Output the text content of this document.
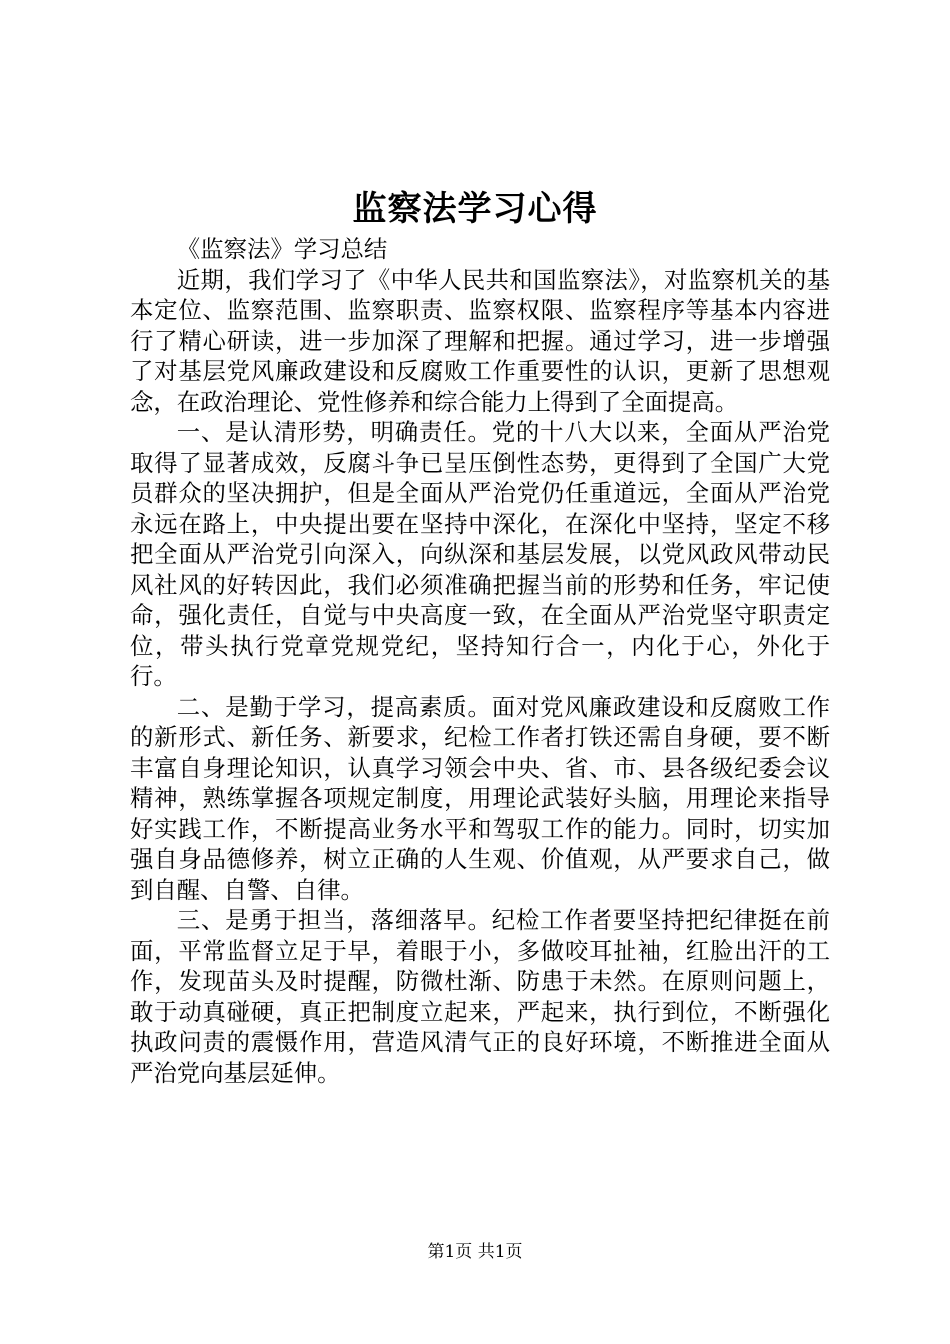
监察法学习心得

《监察法》学习总结

近期，我们学习了《中华人民共和国监察法》，对监察机关的基本定位、监察范围、监察职责、监察权限、监察程序等基本内容进行了精心研读，进一步加深了理解和把握。通过学习，进一步增强了对基层党风廉政建设和反腐败工作重要性的认识，更新了思想观念，在政治理论、党性修养和综合能力上得到了全面提高。

一、是认清形势，明确责任。党的十八大以来，全面从严治党取得了显著成效，反腐斗争已呈压倒性态势，更得到了全国广大党员群众的坚决拥护，但是全面从严治党仍任重道远，全面从严治党永远在路上，中央提出要在坚持中深化，在深化中坚持，坚定不移把全面从严治党引向深入，向纵深和基层发展，以党风政风带动民风社风的好转因此，我们必须准确把握当前的形势和任务，牢记使命，强化责任，自觉与中央高度一致，在全面从严治党坚守职责定位，带头执行党章党规党纪，坚持知行合一，内化于心，外化于行。

二、是勤于学习，提高素质。面对党风廉政建设和反腐败工作的新形式、新任务、新要求，纪检工作者打铁还需自身硬，要不断丰富自身理论知识，认真学习领会中央、省、市、县各级纪委会议精神，熟练掌握各项规定制度，用理论武装好头脑，用理论来指导好实践工作，不断提高业务水平和驾驭工作的能力。同时，切实加强自身品德修养，树立正确的人生观、价值观，从严要求自己，做到自醒、自警、自律。

三、是勇于担当，落细落早。纪检工作者要坚持把纪律挺在前面，平常监督立足于早，着眼于小，多做咬耳扯袖，红脸出汗的工作，发现苗头及时提醒，防微杜渐、防患于未然。在原则问题上，敢于动真碰硬，真正把制度立起来，严起来，执行到位，不断强化执政问责的震慑作用，营造风清气正的良好环境，不断推进全面从严治党向基层延伸。

第1页 共1页
